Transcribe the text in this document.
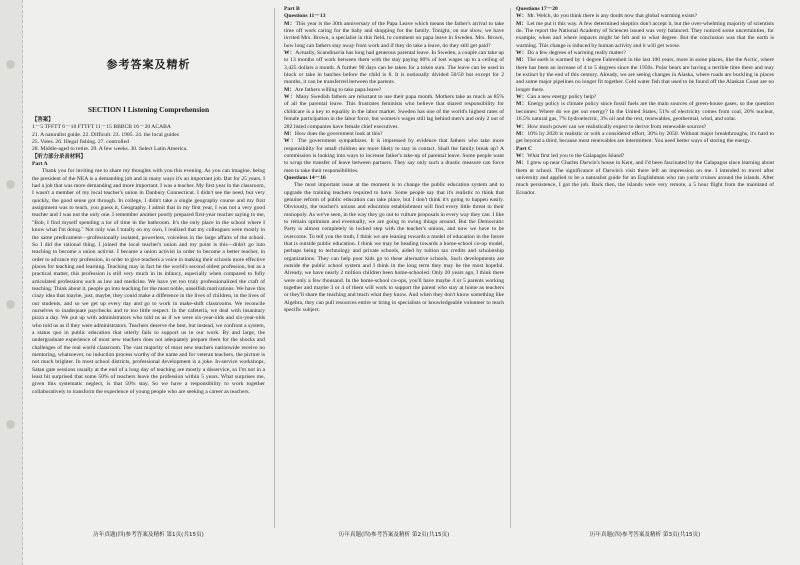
参考答案及精析
SECTION I Listening Comprehension
【答案】
1－5 TFFTT 6－10 FTTFT 11－15 BBBCB 16－20 ACABA
21. A naturalist guide. 22. Difficult. 23. 1985. 24. the local guides
25. Votes. 26. Illegal fishing. 27. controlled
28. Middle-aged to retire. 29. A few weeks. 30. Select Latin America.
【听力部分录音材料】
Part A
Thank you for inviting me to share my thoughts with you this evening. As you can imagine, being the president of the NEA is a demanding job and in many ways it's an important job. But for 25 years, I had a job that was more demanding and more important. I was a teacher. My first year in the classroom, I wasn't a member of my local teacher's union in Danbury Connecticut. I didn't see the need, but very quickly, the good sense got through. In college, I didn't take a single geography course and my first assignment was to teach, you guess it, Geography. I admit that in my first year, I was not a very good teacher and I was not the only one. I remember another poorly prepared first-year teacher saying to me, "Bob, I find myself spending a lot of time in the bathroom. It's the only place in the school where I know what I'm doing." Not only was I totally on my own, I realized that my colleagues were mostly in the same predicament—professionally isolated, powerless, voiceless in the large affairs of the school. So I did the rational thing. I joined the local teacher's union and my point is this—didn't go into teaching to become a union activist. I became a union activist in order to become a better teacher, in order to advance my profession, in order to give teachers a voice in making their schools more effective places for teaching and learning. Teaching may in fact be the world's second oldest profession, but as a practical matter, this profession is still very much in its infancy, especially when compared to fully articulated professions such as law and medicine. We have yet too truly professionalized the craft of teaching. Think about it, people go into teaching for the most noble, unselfish motivations. We have this crazy idea that maybe, just, maybe, they could make a difference in the lives of children, in the lives of our students, and so we get up every day and go to work in make-shift classrooms. We reconcile ourselves to inadequate paychecks and to too little respect. In the cafeteria, we deal with insanitary pizza a day. We put up with administrators who told us as if we were six-year-olds and six-year-olds who told us as if they were administrators. Teachers deserve the best, but instead, we confront a system, a status quo in public education that utterly fails to support us in our work. By and large, the undergraduate experience of most new teachers does not adequately prepare them for the shocks and challenges of the real world classroom. The vast majority of most new teachers nationwide receive no mentoring, whatsoever, no induction process worthy of the name and for veteran teachers, the picture is not much brighter. In most school districts, professional development is a joke. In-service workshops, Satan gate sessions usually at the end of a long day of teaching are mostly a disservice, so I'm not in a least bit surprised that some 50% of teachers leave the profession within 5 years. What surprises me, given this systematic neglect, is that 50% stay. So we have a responsibility to work together collaboratively to transform the experience of young people who are seeking a career as teachers.
Part B
Questions 11－13
M：This year is the 30th anniversary of the Papa Leave which means the father's arrival to take time off work caring for the baby and shopping for the family. Tonight, on our show, we have invited Mrs. Brown, a specialist in this field, to comment on papa leave in Sweden. Mrs. Brown, how long can fathers stay away from work and if they do take a leave, do they still get paid?
W：Actually, Scandinavia has long had generous parental leave. In Sweden, a couple can take up to 13 months off work between them with the stay paying 80% of lost wages up to a ceiling of 3,425 dollars a month. A further 90 days can be taken for a token sum. The leave can be used in block or take in batches before the child is 8. It is notionally divided 50/50 but except for 2 months, it can be transferred between the parents.
M：Are fathers willing to take papa leave?
W：Many Swedish fathers are reluctant to use their papa month. Mothers take as much as 85% of all the parental leave. This frustrates feminists who believe that shared responsibility for childcare is a key to equality in the labor market. Sweden has one of the world's highest rates of female participation in the labor force, but women's wages still lag behind men's and only 2 out of 282 listed companies have female chief executives.
M：How does the government look at this?
W：The government sympathizes. It is impressed by evidence that fathers who take more responsibility for small children are more likely to stay in contact. Shall the family break up? A commission is looking into ways to increase father's take-up of parental leave. Some people want to scrap the transfer of leave between partners. They say only such a drastic measure can force men to take their responsibilities.
Questions 14－16
The most important issue at the moment is to change the public education system and to upgrade the training teachers required to have. Some people say that it's realistic to think that genuine reform of public education can take place, but I don't think it's going to happen easily. Obviously, the teacher's unions and education establishment will find every little threat to their monopoly. As we've seen, in the way they go out to vulture proposals in every way they can. I like to remain optimism and eventually, we are going to swing things around. But the Democratic Party is almost completely in locked step with the teacher's unions, and now we have to be overcome. To tell you the truth, I think we are leaning towards a model of education in the future that is outside public education. I think we may be heading towards a home-school co-op model, perhaps being to technology and private schools, aided by tuition tax credits and scholarship organizations. They can help poor kids go to these alternative schools. Such developments are outside the public school system and I think in the long term they may be the most hopeful. Already, we have nearly 2 million children been home-schooled. Only 20 years ago, I think there were only a few thousand. In the home-school co-ops, you'll have maybe 4 or 5 parents working together and maybe 3 or 4 of them will work to support the parent who stay at home as teachers or they'll share the teaching and teach what they know. And when they don't know something like Algebra, they can pull resources entire or bring in specialists or knowledgeable volunteer to teach specific subject.
Questions 17－20
W：Mr. Welch, do you think there is any doubt now that global warming exists?
M：Let me put it this way. A few determined skeptics don't accept it, but the over-whelming majority of scientists do. The report the National Academy of Sciences issued was very balanced. They noticed some uncertainties, for example, when and where impacts might be felt and to what degree. But the conclusion was that the earth is warming. This change is induced by human activity and it will get worse.
W：Do a few degrees of warming really matter?
M：The earth is warmed by 1 degree Fahrenheit in the last 100 years, more in some places, like the Arctic, where there has been an increase of 4 to 5 degrees since the 1950s. Polar bears are having a terrible time there and may be extinct by the end of this century. Already, we are seeing changes in Alaska, where roads are buckling in places and some major pipelines no longer fit together. Cold water fish that used to be found off the Alaskan Coast are no longer there.
W：Can a new energy policy help?
M：Energy policy is climate policy since fossil fuels are the main sources of green-house gases, so the question becomes: Where do we get our energy? In the United States, 51% of electricity comes from coal, 20% nuclear, 16.5% natural gas, 7% hydroelectric, 3% oil and the rest, renewables, geothermal, wind, and solar.
W：How much power can we realistically expect to derive from renewable sources?
M：10% by 2020 is realistic or with a considered effort, 30% by 2050. Without major breakthroughs, it's hard to get beyond a third, because most renewables are intermittent. You need better ways of storing the energy.
Part C
W：What first led you to the Galapagos Island?
M：I grew up near Charles Darwin's house in Kent, and I'd been fascinated by the Galapagos since learning about them at school. The significance of Darwin's visit there left an impression on me. I intended to travel after university and applied to be a naturalist guide for an Englishman who ran yacht cruises around the islands. After much persistence, I got the job. Back then, the islands were very remote, a 5 hour flight from the mainland of Ecuador.
历年真题(四)参考答案及精析 第1页(共15页)	历年真题(四)参考答案及精析 第2页(共15页)	历年真题(四)参考答案及精析 第3页(共15页)
